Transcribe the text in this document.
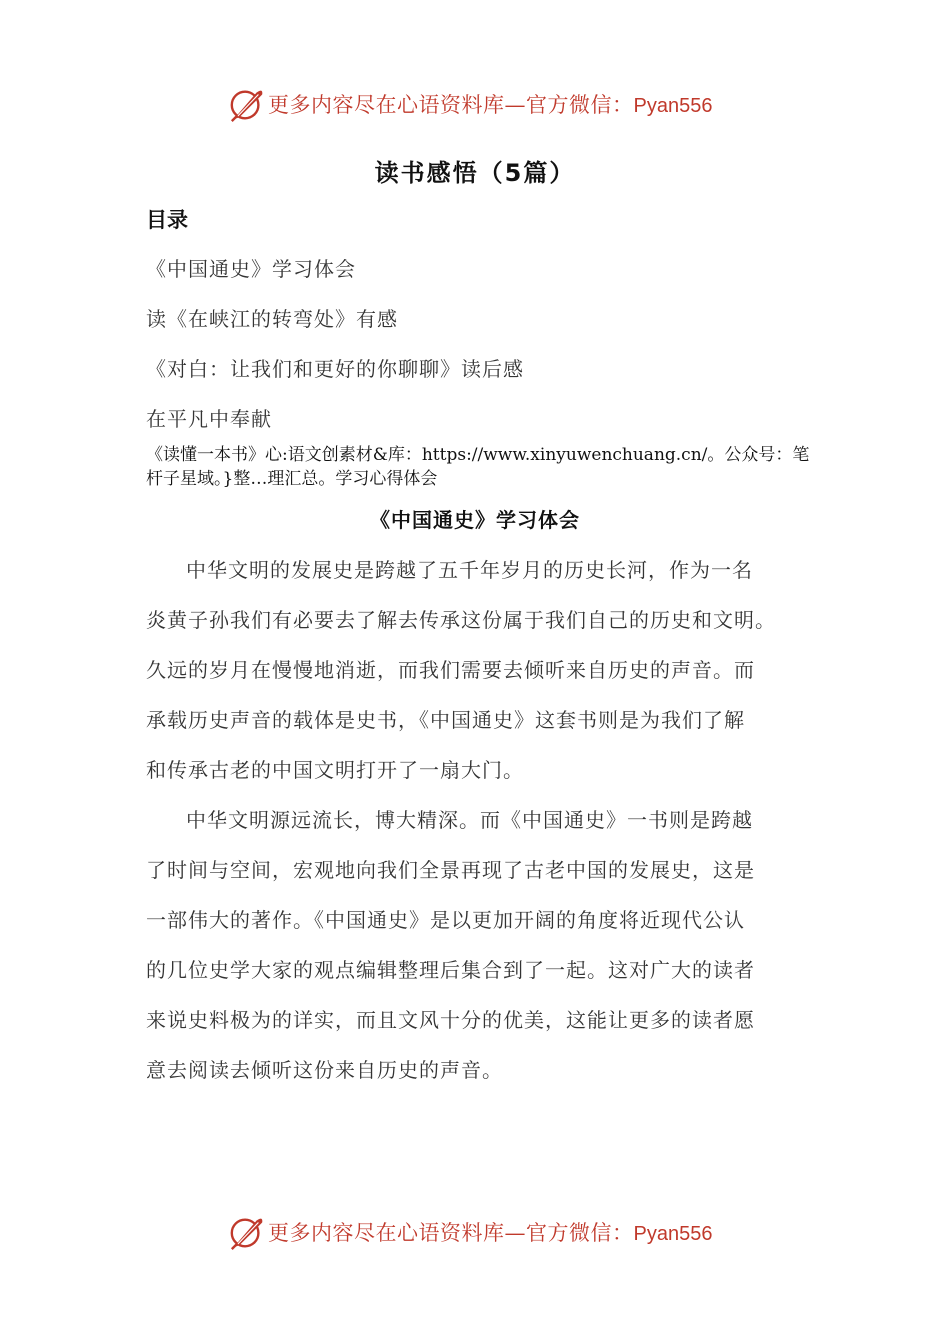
更多内容尽在心语资料库—官方微信：Pyan556
读书感悟（5篇）
目录
《中国通史》学习体会
读《在峡江的转弯处》有感
《对白：让我们和更好的你聊聊》读后感
在平凡中奉献
《读懂一本书》心:语文创素材&库：https://www.xinyuwenchuang.cn/。公众号：笔杆子星域。}整…理汇总。学习心得体会
《中国通史》学习体会
中华文明的发展史是跨越了五千年岁月的历史长河，作为一名
炎黄子孙我们有必要去了解去传承这份属于我们自己的历史和文明。
久远的岁月在慢慢地消逝，而我们需要去倾听来自历史的声音。而
承载历史声音的载体是史书，《中国通史》这套书则是为我们了解
和传承古老的中国文明打开了一扇大门。
中华文明源远流长，博大精深。而《中国通史》一书则是跨越
了时间与空间，宏观地向我们全景再现了古老中国的发展史，这是
一部伟大的著作。《中国通史》是以更加开阔的角度将近现代公认
的几位史学大家的观点编辑整理后集合到了一起。这对广大的读者
来说史料极为的详实，而且文风十分的优美，这能让更多的读者愿
意去阅读去倾听这份来自历史的声音。
更多内容尽在心语资料库—官方微信：Pyan556
